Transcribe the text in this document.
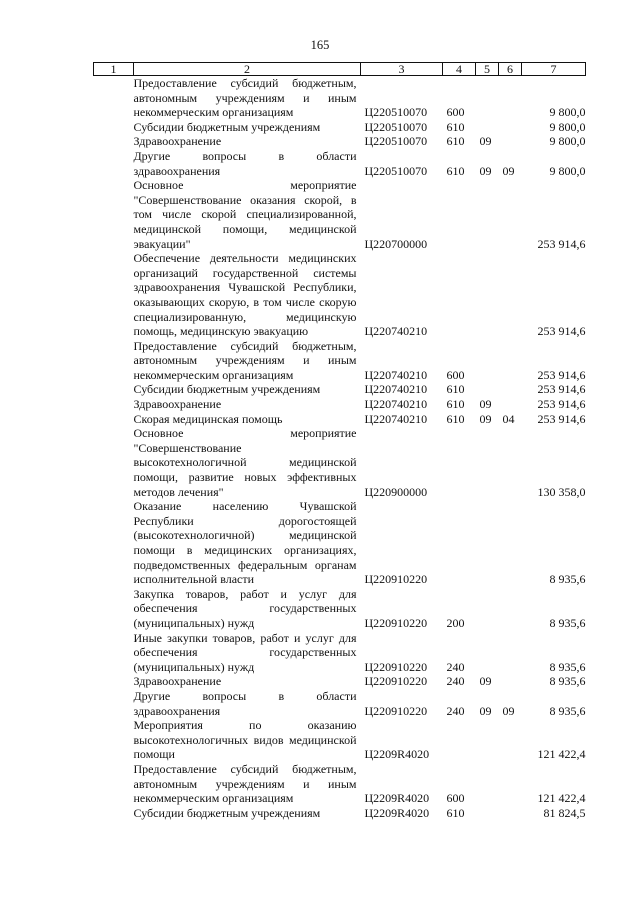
165
1	2	3	4	5	6	7
	Предоставление субсидий бюджетным, автономным учреждениям и иным некоммерческим организациям	Ц220510070	600			9 800,0
	Субсидии бюджетным учреждениям	Ц220510070	610			9 800,0
	Здравоохранение	Ц220510070	610	09		9 800,0
	Другие вопросы в области здравоохранения	Ц220510070	610	09	09	9 800,0
	Основное мероприятие "Совершенствование оказания скорой, в том числе скорой специализированной, медицинской помощи, медицинской эвакуации"	Ц220700000				253 914,6
	Обеспечение деятельности медицинских организаций государственной системы здравоохранения Чувашской Республики, оказывающих скорую, в том числе скорую специализированную, медицинскую помощь, медицинскую эвакуацию	Ц220740210				253 914,6
	Предоставление субсидий бюджетным, автономным учреждениям и иным некоммерческим организациям	Ц220740210	600			253 914,6
	Субсидии бюджетным учреждениям	Ц220740210	610			253 914,6
	Здравоохранение	Ц220740210	610	09		253 914,6
	Скорая медицинская помощь	Ц220740210	610	09	04	253 914,6
	Основное мероприятие "Совершенствование высокотехнологичной медицинской помощи, развитие новых эффективных методов лечения"	Ц220900000				130 358,0
	Оказание населению Чувашской Республики дорогостоящей (высокотехнологичной) медицинской помощи в медицинских организациях, подведомственных федеральным органам исполнительной власти	Ц220910220				8 935,6
	Закупка товаров, работ и услуг для обеспечения государственных (муниципальных) нужд	Ц220910220	200			8 935,6
	Иные закупки товаров, работ и услуг для обеспечения государственных (муниципальных) нужд	Ц220910220	240			8 935,6
	Здравоохранение	Ц220910220	240	09		8 935,6
	Другие вопросы в области здравоохранения	Ц220910220	240	09	09	8 935,6
	Мероприятия по оказанию высокотехнологичных видов медицинской помощи	Ц2209R4020				121 422,4
	Предоставление субсидий бюджетным, автономным учреждениям и иным некоммерческим организациям	Ц2209R4020	600			121 422,4
	Субсидии бюджетным учреждениям	Ц2209R4020	610			81 824,5
